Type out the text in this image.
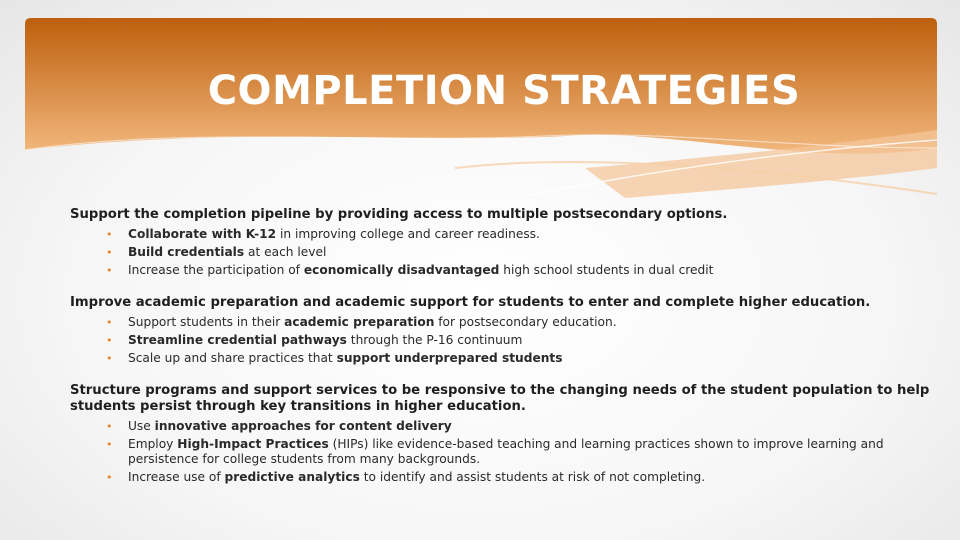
COMPLETION STRATEGIES

Support the completion pipeline by providing access to multiple postsecondary options.

• Collaborate with K-12 in improving college and career readiness.
• Build credentials at each level
• Increase the participation of economically disadvantaged high school students in dual credit

Improve academic preparation and academic support for students to enter and complete higher education.

• Support students in their academic preparation for postsecondary education.
• Streamline credential pathways through the P-16 continuum
• Scale up and share practices that support underprepared students

Structure programs and support services to be responsive to the changing needs of the student population to help students persist through key transitions in higher education.

• Use innovative approaches for content delivery
• Employ High-Impact Practices (HIPs) like evidence-based teaching and learning practices shown to improve learning and persistence for college students from many backgrounds.
• Increase use of predictive analytics to identify and assist students at risk of not completing.
